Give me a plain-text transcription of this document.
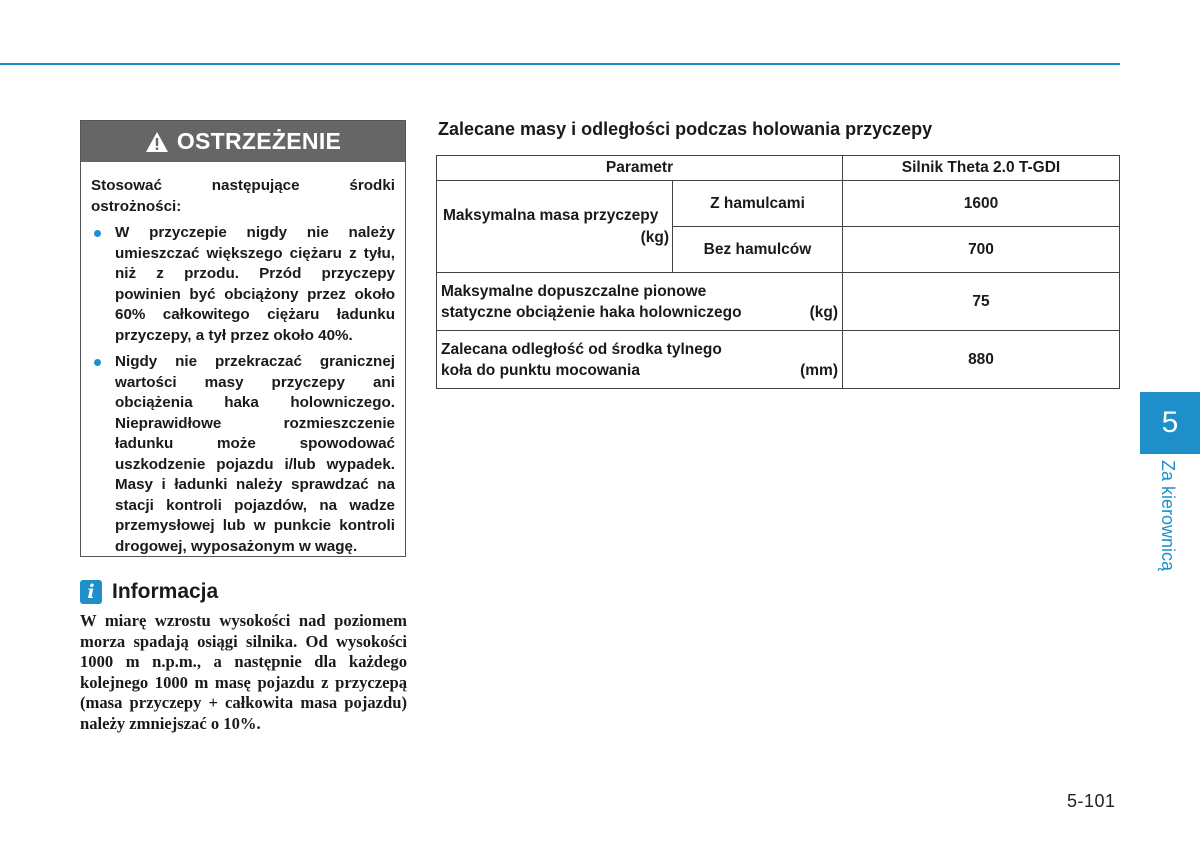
OSTRZEŻENIE

Stosować następujące środki ostrożności:

W przyczepie nigdy nie należy umieszczać większego ciężaru z tyłu, niż z przodu. Przód przyczepy powinien być obciążony przez około 60% całkowitego ciężaru ładunku przyczepy, a tył przez około 40%.
Nigdy nie przekraczać granicznej wartości masy przyczepy ani obciążenia haka holowniczego. Nieprawidłowe rozmieszczenie ładunku może spowodować uszkodzenie pojazdu i/lub wypadek. Masy i ładunki należy sprawdzać na stacji kontroli pojazdów, na wadze przemysłowej lub w punkcie kontroli drogowej, wyposażonym w wagę.
i Informacja
W miarę wzrostu wysokości nad poziomem morza spadają osiągi silnika. Od wysokości 1000 m n.p.m., a następnie dla każdego kolejnego 1000 m masę pojazdu z przyczepą (masa przyczepy + całkowita masa pojazdu) należy zmniejszać o 10%.
Zalecane masy i odległości podczas holowania przyczepy
Parametr		Silnik Theta 2.0 T-GDI

Maksymalna masa przyczepy
(kg)	Z hamulcami	1600
	Bez hamulców	700

Maksymalne dopuszczalne pionowe
statyczne obciążenie haka holowniczego (kg)		75

Zalecana odległość od środka tylnego
koła do punktu mocowania (mm)		880
5
Za kierownicą
5-101
